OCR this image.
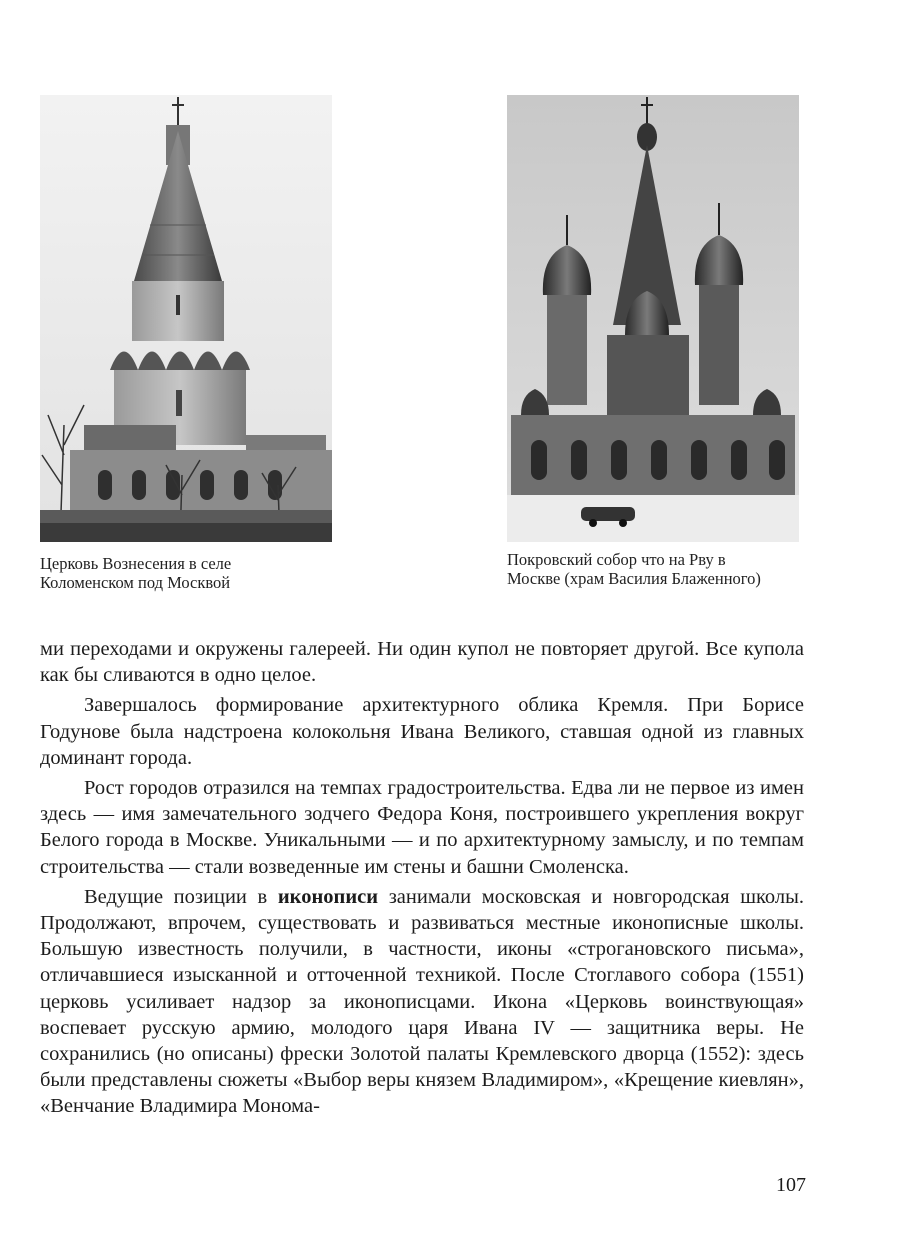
Церковь Вознесения в селе Коломенском под Москвой
Покровский собор что на Рву в Москве (храм Василия Блаженного)

ми переходами и окружены галереей. Ни один купол не повторяет другой. Все купола как бы сливаются в одно целое.

Завершалось формирование архитектурного облика Кремля. При Борисе Годунове была надстроена колокольня Ивана Великого, ставшая одной из главных доминант города.

Рост городов отразился на темпах градостроительства. Едва ли не первое из имен здесь — имя замечательного зодчего Федора Коня, построившего укрепления вокруг Белого города в Москве. Уникальными — и по архитектурному замыслу, и по темпам строительства — стали возведенные им стены и башни Смоленска.

Ведущие позиции в иконописи занимали московская и новгородская школы. Продолжают, впрочем, существовать и развиваться местные иконописные школы. Большую известность получили, в частности, иконы «строгановского письма», отличавшиеся изысканной и отточенной техникой. После Стоглавого собора (1551) церковь усиливает надзор за иконописцами. Икона «Церковь воинствующая» воспевает русскую армию, молодого царя Ивана IV — защитника веры. Не сохранились (но описаны) фрески Золотой палаты Кремлевского дворца (1552): здесь были представлены сюжеты «Выбор веры князем Владимиром», «Крещение киевлян», «Венчание Владимира Монома-

107
